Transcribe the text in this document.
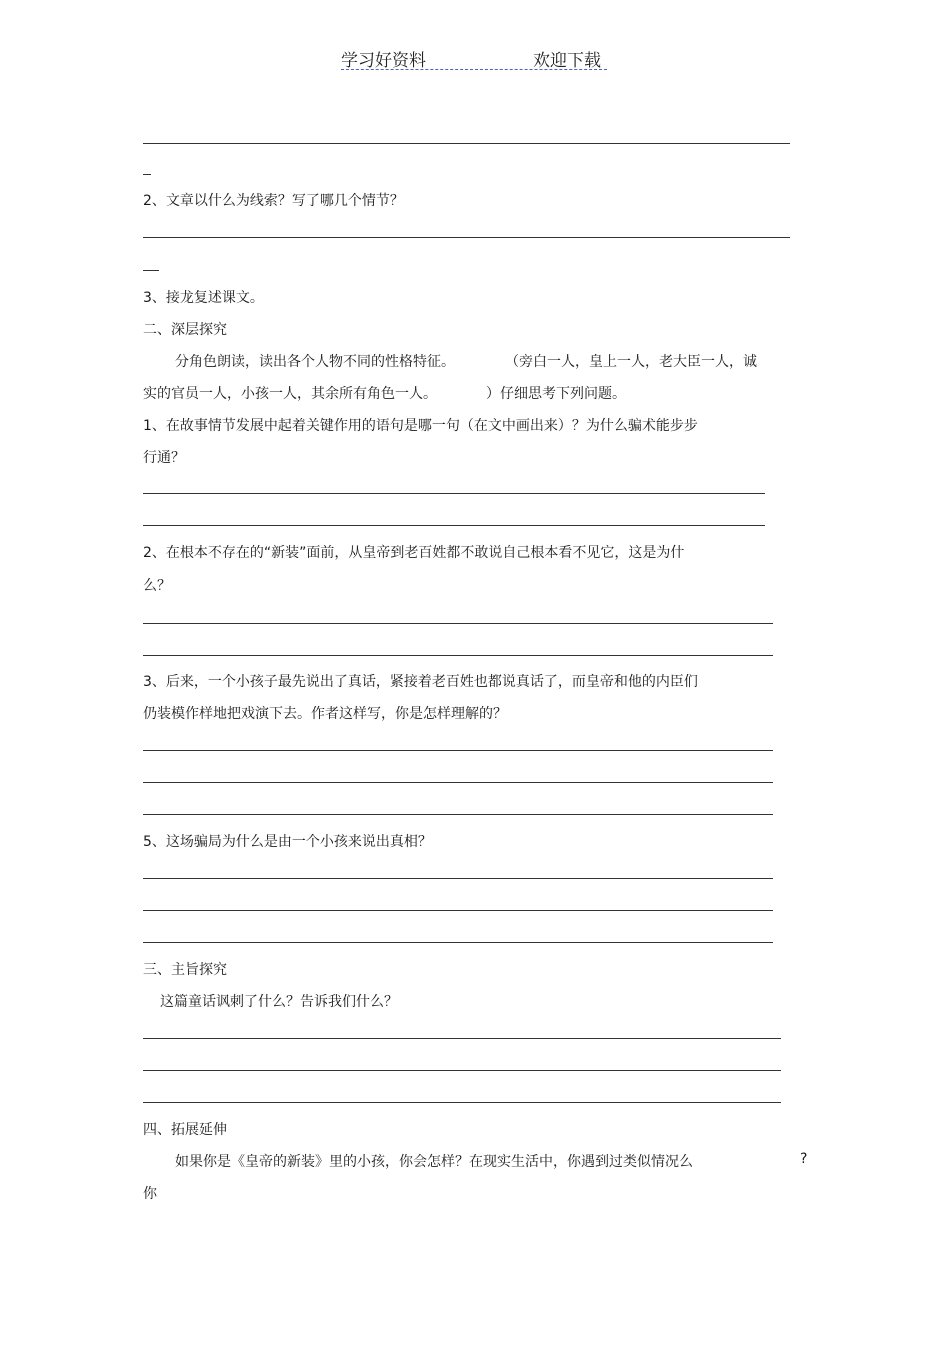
学习好资料	欢迎下载
2、文章以什么为线索？写了哪几个情节？
3、接龙复述课文。
二、深层探究
分角色朗读，读出各个人物不同的性格特征。	（旁白一人，皇上一人，老大臣一人，诚
实的官员一人，小孩一人，其余所有角色一人。	）仔细思考下列问题。
1、在故事情节发展中起着关键作用的语句是哪一句（在文中画出来）？为什么骗术能步步
行通？
2、在根本不存在的“新装”面前，从皇帝到老百姓都不敢说自己根本看不见它，这是为什
么？
3、后来，一个小孩子最先说出了真话，紧接着老百姓也都说真话了，而皇帝和他的内臣们
仍装模作样地把戏演下去。作者这样写，你是怎样理解的？
5、这场骗局为什么是由一个小孩来说出真相？
三、主旨探究
这篇童话讽刺了什么？告诉我们什么？
四、拓展延伸
如果你是《皇帝的新装》里的小孩，你会怎样？在现实生活中，你遇到过类似情况么	?
你
